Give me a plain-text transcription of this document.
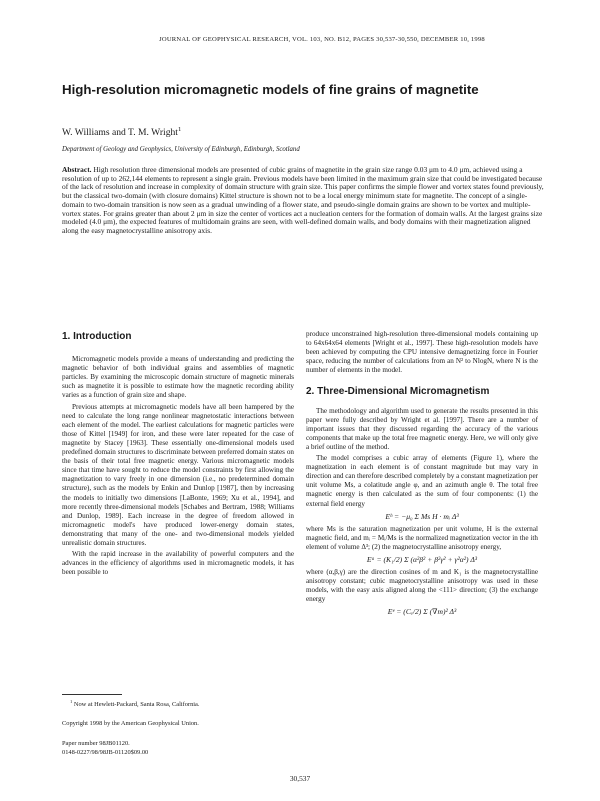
JOURNAL OF GEOPHYSICAL RESEARCH, VOL. 103, NO. B12, PAGES 30,537-30,550, DECEMBER 10, 1998
High-resolution micromagnetic models of fine grains of magnetite
W. Williams and T. M. Wright$^1$
Department of Geology and Geophysics, University of Edinburgh, Edinburgh, Scotland
Abstract. High resolution three dimensional models are presented of cubic grains of magnetite in the grain size range 0.03 μm to 4.0 μm, achieved using a resolution of up to 262,144 elements to represent a single grain. Previous models have been limited in the maximum grain size that could be investigated because of the lack of resolution and increase in complexity of domain structure with grain size. This paper confirms the simple flower and vortex states found previously, but the classical two-domain (with closure domains) Kittel structure is shown not to be a local energy minimum state for magnetite. The concept of a single-domain to two-domain transition is now seen as a gradual unwinding of a flower state, and pseudo-single domain grains are shown to be vortex and multiple-vortex states. For grains greater than about 2 μm in size the center of vortices act a nucleation centers for the formation of domain walls. At the largest grains size modeled (4.0 μm), the expected features of multidomain grains are seen, with well-defined domain walls, and body domains with their magnetization aligned along the easy magnetocrystalline anisotropy axis.
1. Introduction

Micromagnetic models provide a means of understanding and predicting the magnetic behavior of both individual grains and assemblies of magnetic particles. By examining the microscopic domain structure of magnetic minerals such as magnetite it is possible to estimate how the magnetic recording ability varies as a function of grain size and shape.

Previous attempts at micromagnetic models have all been hampered by the need to calculate the long range nonlinear magnetostatic interactions between each element of the model. The earliest calculations for magnetic particles were those of Kittel [1949] for iron, and these were later repeated for the case of magnetite by Stacey [1963]. These essentially one-dimensional models used predefined domain structures to discriminate between preferred domain states on the basis of their total free magnetic energy. Various micromagnetic models since that time have sought to reduce the model constraints by first allowing the magnetization to vary freely in one dimension (i.e., no predetermined domain structure), such as the models by Enkin and Dunlop [1987], then by increasing the models to initially two dimensions [LaBonte, 1969; Xu et al., 1994], and more recently three-dimensional models [Schabes and Bertram, 1988; Williams and Dunlop, 1989]. Each increase in the degree of freedom allowed in micromagnetic model's have produced lower-energy domain states, demonstrating that many of the one- and two-dimensional models yielded unrealistic domain structures.

With the rapid increase in the availability of powerful computers and the advances in the efficiency of algorithms used in micromagnetic models, it has been possible to

produce unconstrained high-resolution three-dimensional models containing up to 64x64x64 elements [Wright et al., 1997]. These high-resolution models have been achieved by computing the CPU intensive demagnetizing force in Fourier space, reducing the number of calculations from an N² to NlogN, where N is the number of elements in the model.

2. Three-Dimensional Micromagnetism

The methodology and algorithm used to generate the results presented in this paper were fully described by Wright et al. [1997]. There are a number of important issues that they discussed regarding the accuracy of the various components that make up the total free magnetic energy. Here, we will only give a brief outline of the method.

The model comprises a cubic array of elements (Figure 1), where the magnetization in each element is of constant magnitude but may vary in direction and can therefore described completely by a constant magnetization per unit volume Ms, a colatitude angle φ, and an azimuth angle θ. The total free magnetic energy is then calculated as the sum of four components: (1) the external field energy

Eʰ = −μ₀ Σ Ms H · mᵢ Δ³

where Ms is the saturation magnetization per unit volume, H is the external magnetic field, and mᵢ = Mᵢ/Ms is the normalized magnetization vector in the ith element of volume Δ³; (2) the magnetocrystalline anisotropy energy,

Eᵃ = (K₁/2) Σ (α²β² + β²γ² + γ²α²) Δ³

where (α,β,γ) are the direction cosines of m and K₁ is the magnetocrystalline anisotropy constant; cubic magnetocrystalline anisotropy was used in these models, with the easy axis aligned along the <111> direction; (3) the exchange energy

Eᵉ = (Cₑ/2) Σ (∇m)² Δ³
$^1$ Now at Hewlett-Packard, Santa Rosa, California.
Copyright 1998 by the American Geophysical Union.
Paper number 98JB01120.
0148-0227/98/98JB-01120$09.00
30,537
